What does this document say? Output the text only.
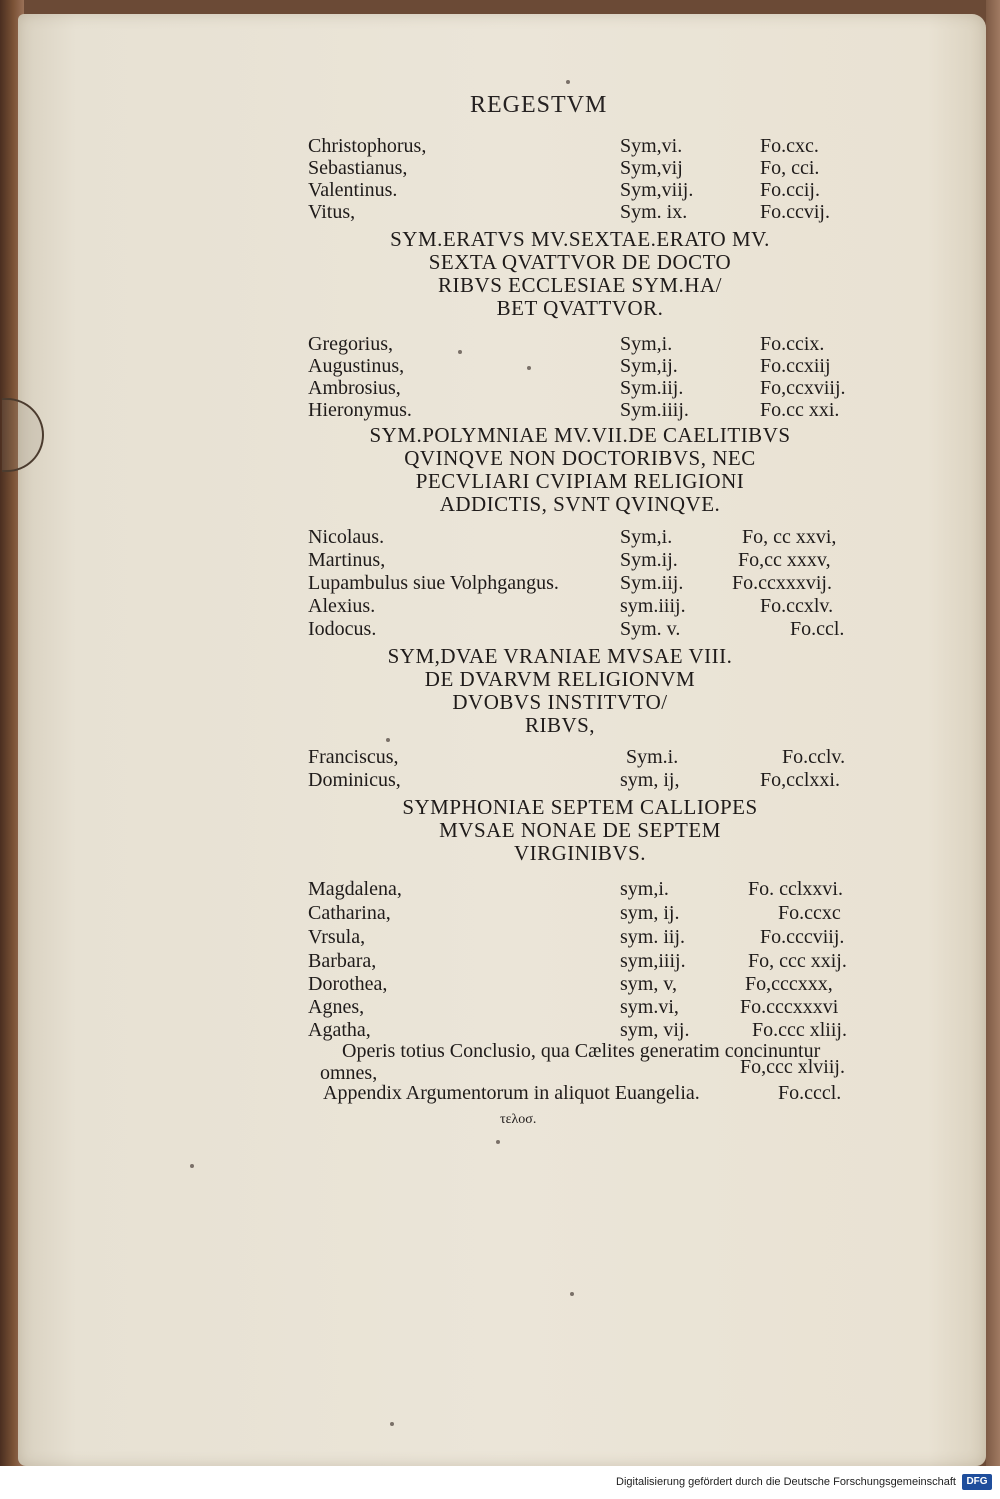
REGESTVM
Christophorus,	Sym,vi.	Fo.cxc.
Sebastianus,	Sym,vij	Fo, cci.
Valentinus.	Sym,viij.	Fo.ccij.
Vitus,	Sym. ix.	Fo.ccvij.
SYM.ERATVS MV.SEXTAE.ERATO MV.
SEXTA QVATTVOR DE DOCTO
RIBVS ECCLESIAE SYM.HA/
BET QVATTVOR.
Gregorius,	Sym,i.	Fo.ccix.
Augustinus,	Sym,ij.	Fo.ccxiij
Ambrosius,	Sym.iij.	Fo,ccxviij.
Hieronymus.	Sym.iiij.	Fo.cc xxi.
SYM.POLYMNIAE MV.VII.DE CAELITIBVS
QVINQVE NON DOCTORIBVS, NEC
PECVLIARI CVIPIAM RELIGIONI
ADDICTIS, SVNT QVINQVE.
Nicolaus.	Sym,i.	Fo, cc xxvi,
Martinus,	Sym.ij.	Fo,cc xxxv,
Lupambulus siue Volphgangus.	Sym.iij. Fo.ccxxxvij.
Alexius.	sym.iiij.	Fo.ccxlv.
Iodocus.	Sym. v.	Fo.ccl.
SYM,DVAE VRANIAE MVSAE VIII.
DE DVARVM RELIGIONVM
DVOBVS INSTITVTO/
RIBVS,
Franciscus,	Sym.i.	Fo.cclv.
Dominicus,	sym, ij,	Fo,cclxxi.
SYMPHONIAE SEPTEM CALLIOPES
MVSAE NONAE DE SEPTEM
VIRGINIBVS.
Magdalena,	sym,i.	Fo. cclxxvi.
Catharina,	sym, ij.	Fo.ccxc
Vrsula,	sym. iij.	Fo.cccviij.
Barbara,	sym,iiij.	Fo, ccc xxij.
Dorothea,	sym, v,	Fo,cccxxx,
Agnes,	sym.vi,	Fo.cccxxxvi
Agatha,	sym, vij.	Fo.ccc xliij.
Operis totius Conclusio, qua Cælites generatim concinuntur
omnes,	Fo,ccc xlviij.
Appendix Argumentorum in aliquot Euangelia.	Fo.cccl.
τελοσ.
Digitalisierung gefördert durch die Deutsche Forschungsgemeinschaft	DFG
